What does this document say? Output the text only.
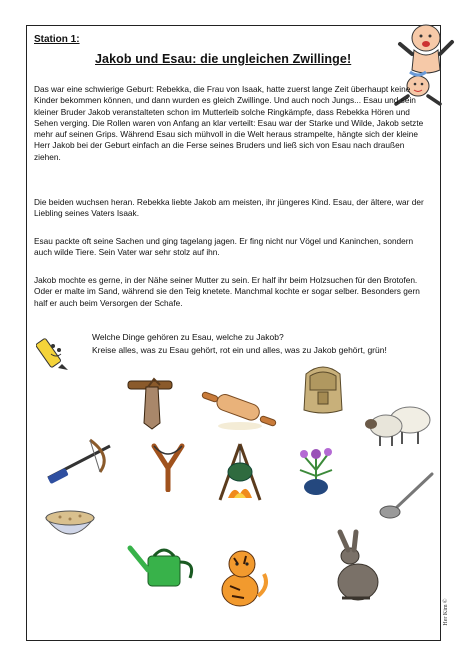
Station 1:
Jakob und Esau: die ungleichen Zwillinge!
Das war eine schwierige Geburt: Rebekka, die Frau von Isaak, hatte zuerst lange Zeit überhaupt keine Kinder bekommen können, und dann wurden es gleich Zwillinge. Und auch noch Jungs... Esau und sein kleiner Bruder Jakob veranstalteten schon im Mutterleib solche Ringkämpfe, dass Rebekka Hören und Sehen verging. Die Rollen waren von Anfang an klar verteilt: Esau war der Starke und Wilde, Jakob setzte mehr auf seinen Grips. Während Esau sich mühvoll in die Welt heraus strampelte, hängte sich der kleine Herr Jakob bei der Geburt einfach an die Ferse seines Bruders und ließ sich von Esau nach draußen ziehen.
Die beiden wuchsen heran. Rebekka liebte Jakob am meisten, ihr jüngeres Kind. Esau, der ältere, war der Liebling seines Vaters Isaak.
Esau packte oft seine Sachen und ging tagelang jagen. Er fing nicht nur Vögel und Kaninchen, sondern auch wilde Tiere. Sein Vater war sehr stolz auf ihn.
Jakob mochte es gerne, in der Nähe seiner Mutter zu sein. Er half ihr beim Holzsuchen für den Brotofen. Oder er malte im Sand, während sie den Teig knetete. Manchmal kochte er sogar selber. Besonders gern half er auch beim Versorgen der Schafe.
Welche Dinge gehören zu Esau, welche zu Jakob?
Kreise alles, was zu Esau gehört, rot ein und alles, was zu Jakob gehört, grün!
Her Kim ©
